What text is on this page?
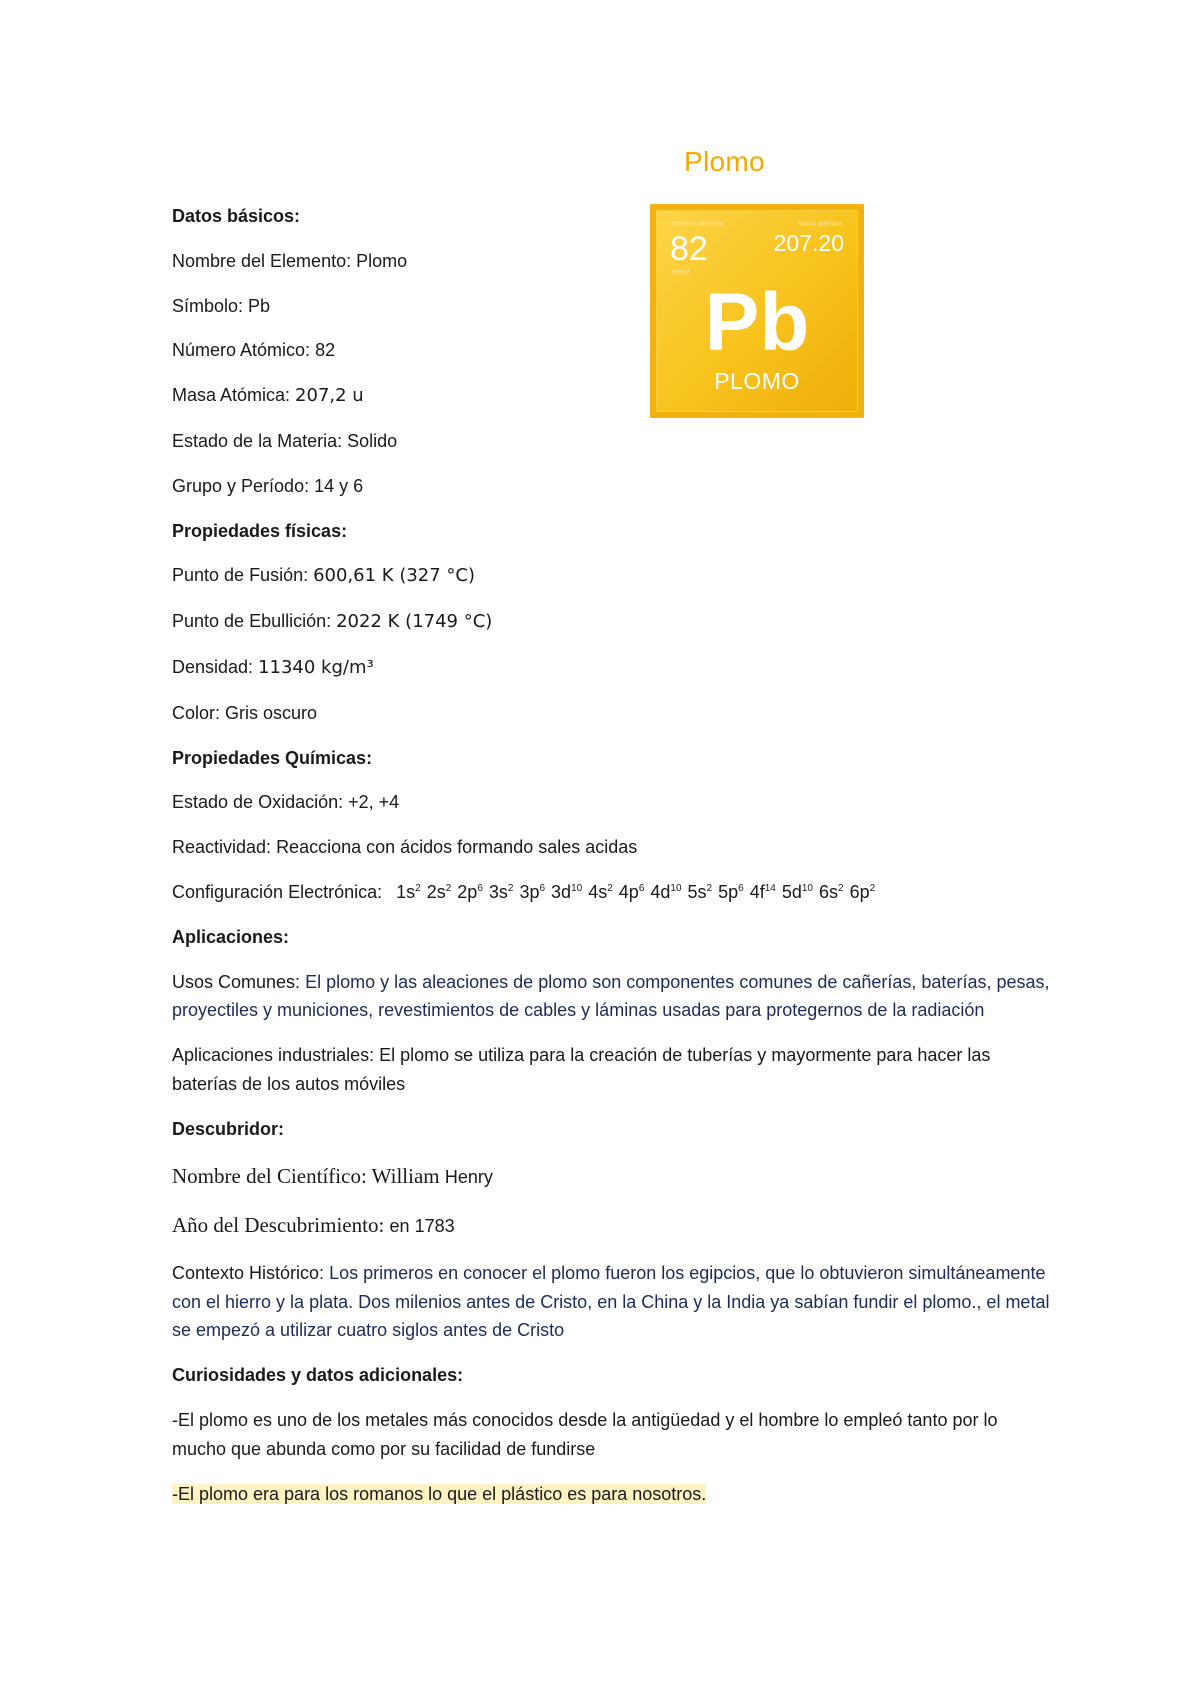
Plomo
Número atómico	Masa atómica
82	207.20
Metal
Pb
PLOMO
Datos básicos:

Nombre del Elemento: Plomo

Símbolo: Pb

Número Atómico: 82

Masa Atómica: 207,2 u

Estado de la Materia: Solido

Grupo y Período: 14 y 6

Propiedades físicas:

Punto de Fusión: 600,61 K (327 °C)

Punto de Ebullición: 2022 K (1749 °C)

Densidad: 11340 kg/m³

Color: Gris oscuro

Propiedades Químicas:

Estado de Oxidación: +2, +4

Reactividad: Reacciona con ácidos formando sales acidas

Configuración Electrónica: $1s^2$ $2s^2$ $2p^6$ $3s^2$ $3p^6$ $3d^{10}$ $4s^2$ $4p^6$ $4d^{10}$ $5s^2$ $5p^6$ $4f^{14}$ $5d^{10}$ $6s^2$ $6p^2$

Aplicaciones:

Usos Comunes: El plomo y las aleaciones de plomo son componentes comunes de cañerías, baterías, pesas, proyectiles y municiones, revestimientos de cables y láminas usadas para protegernos de la radiación

Aplicaciones industriales: El plomo se utiliza para la creación de tuberías y mayormente para hacer las baterías de los autos móviles

Descubridor:

Nombre del Científico: William Henry

Año del Descubrimiento: en 1783

Contexto Histórico: Los primeros en conocer el plomo fueron los egipcios, que lo obtuvieron simultáneamente con el hierro y la plata. Dos milenios antes de Cristo, en la China y la India ya sabían fundir el plomo., el metal se empezó a utilizar cuatro siglos antes de Cristo

Curiosidades y datos adicionales:

-El plomo es uno de los metales más conocidos desde la antigüedad y el hombre lo empleó tanto por lo mucho que abunda como por su facilidad de fundirse

-El plomo era para los romanos lo que el plástico es para nosotros.
